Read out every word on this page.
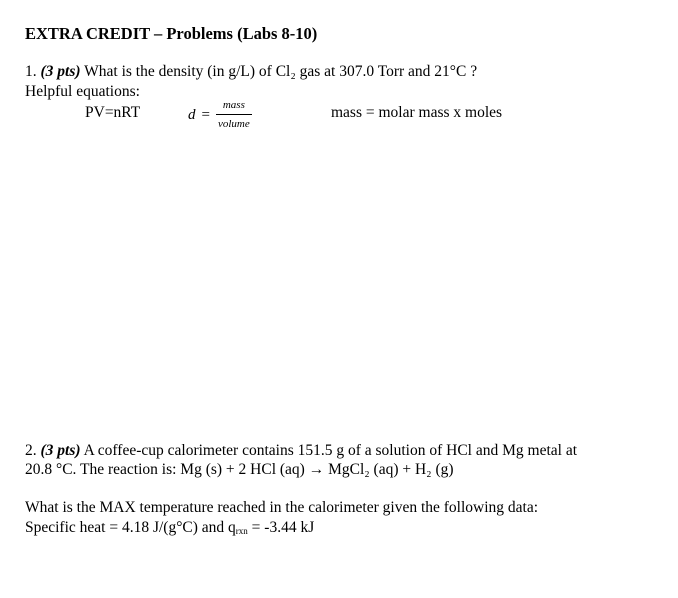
EXTRA CREDIT – Problems (Labs 8-10)
1. (3 pts) What is the density (in g/L) of Cl₂ gas at 307.0 Torr and 21°C ?
Helpful equations:
PV=nRT	$d = \frac{\text{mass}}{\text{volume}}$	mass = molar mass x moles
2. (3 pts) A coffee-cup calorimeter contains 151.5 g of a solution of HCl and Mg metal at
20.8 °C. The reaction is: Mg (s) + 2 HCl (aq) → MgCl₂ (aq) + H₂ (g)
What is the MAX temperature reached in the calorimeter given the following data:
Specific heat = 4.18 J/(g°C) and qrxn = -3.44 kJ
